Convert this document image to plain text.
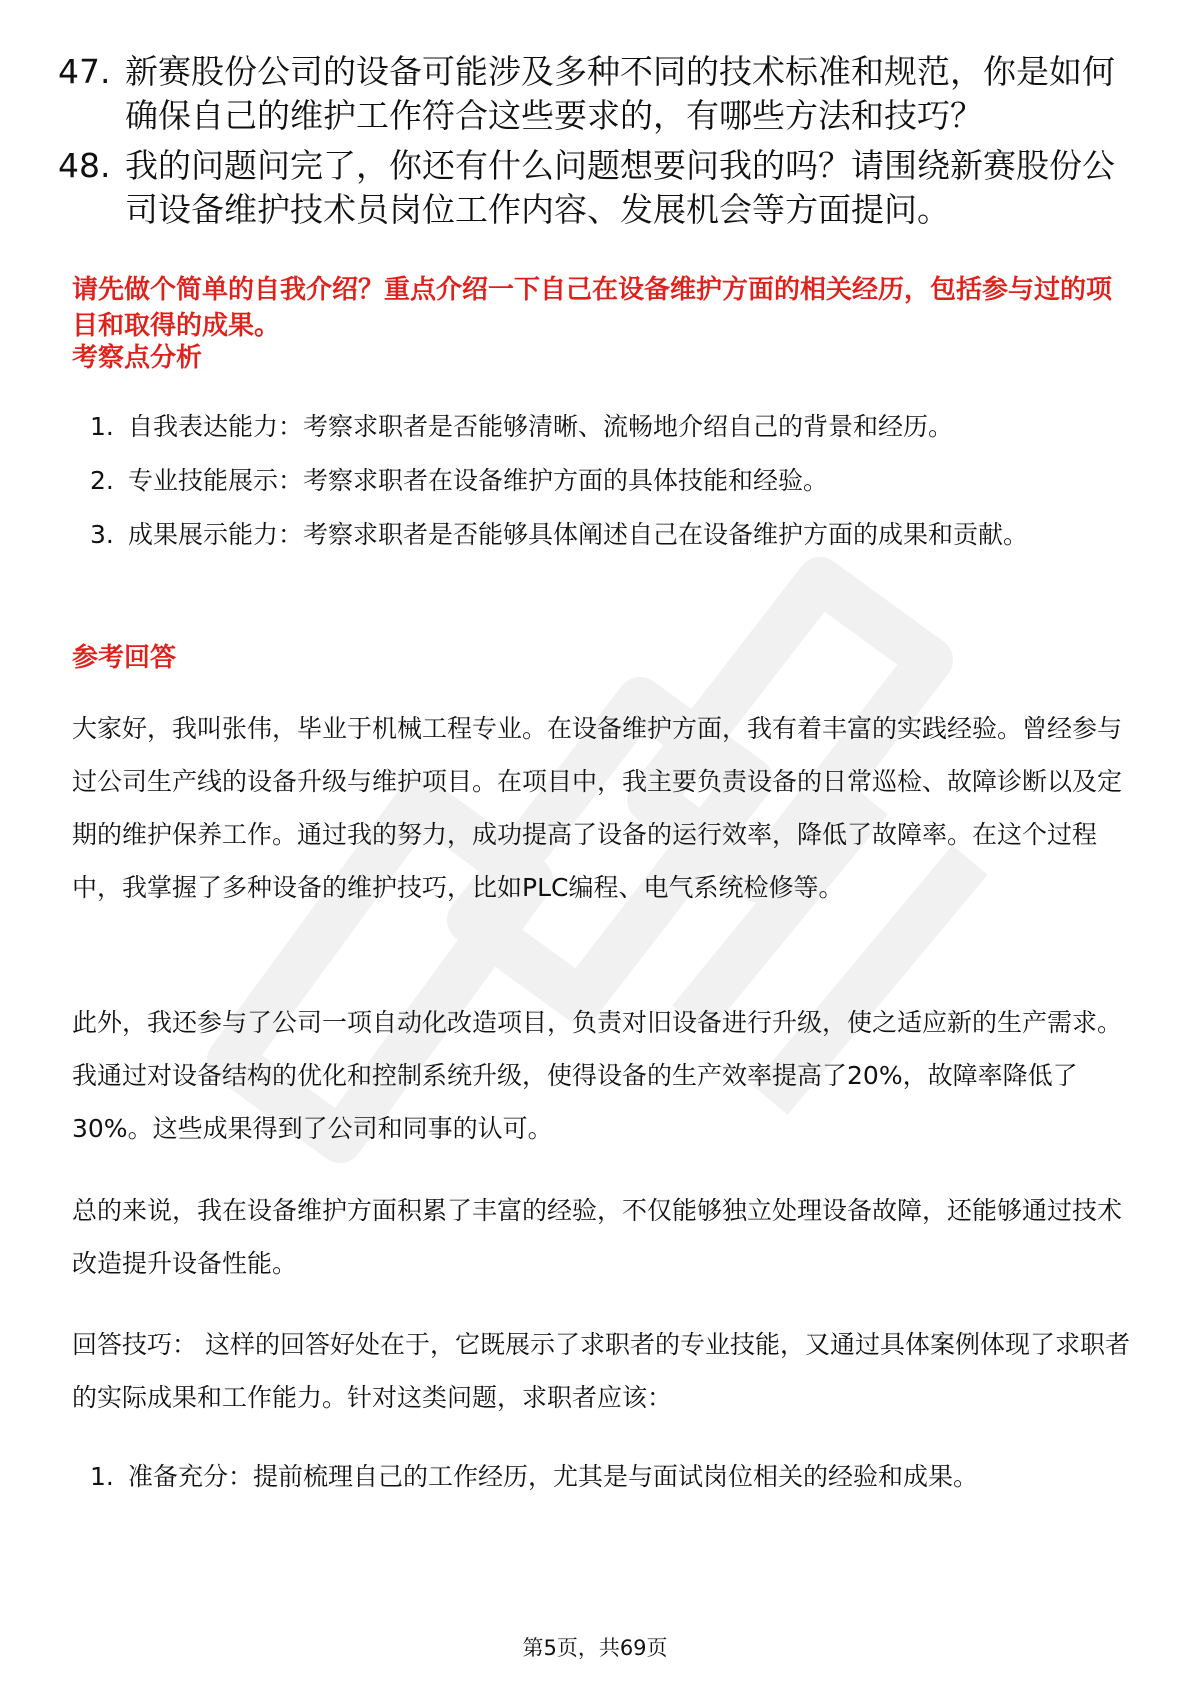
47. 新赛股份公司的设备可能涉及多种不同的技术标准和规范，你是如何确保自己的维护工作符合这些要求的，有哪些方法和技巧？
48. 我的问题问完了，你还有什么问题想要问我的吗？请围绕新赛股份公司设备维护技术员岗位工作内容、发展机会等方面提问。
请先做个简单的自我介绍？重点介绍一下自己在设备维护方面的相关经历，包括参与过的项目和取得的成果。
考察点分析
1. 自我表达能力：考察求职者是否能够清晰、流畅地介绍自己的背景和经历。
2. 专业技能展示：考察求职者在设备维护方面的具体技能和经验。
3. 成果展示能力：考察求职者是否能够具体阐述自己在设备维护方面的成果和贡献。
参考回答
大家好，我叫张伟，毕业于机械工程专业。在设备维护方面，我有着丰富的实践经验。曾经参与过公司生产线的设备升级与维护项目。在项目中，我主要负责设备的日常巡检、故障诊断以及定期的维护保养工作。通过我的努力，成功提高了设备的运行效率，降低了故障率。在这个过程中，我掌握了多种设备的维护技巧，比如PLC编程、电气系统检修等。
此外，我还参与了公司一项自动化改造项目，负责对旧设备进行升级，使之适应新的生产需求。我通过对设备结构的优化和控制系统升级，使得设备的生产效率提高了20%，故障率降低了30%。这些成果得到了公司和同事的认可。
总的来说，我在设备维护方面积累了丰富的经验，不仅能够独立处理设备故障，还能够通过技术改造提升设备性能。
回答技巧： 这样的回答好处在于，它既展示了求职者的专业技能，又通过具体案例体现了求职者的实际成果和工作能力。针对这类问题，求职者应该：
1. 准备充分：提前梳理自己的工作经历，尤其是与面试岗位相关的经验和成果。
第5页，共69页
